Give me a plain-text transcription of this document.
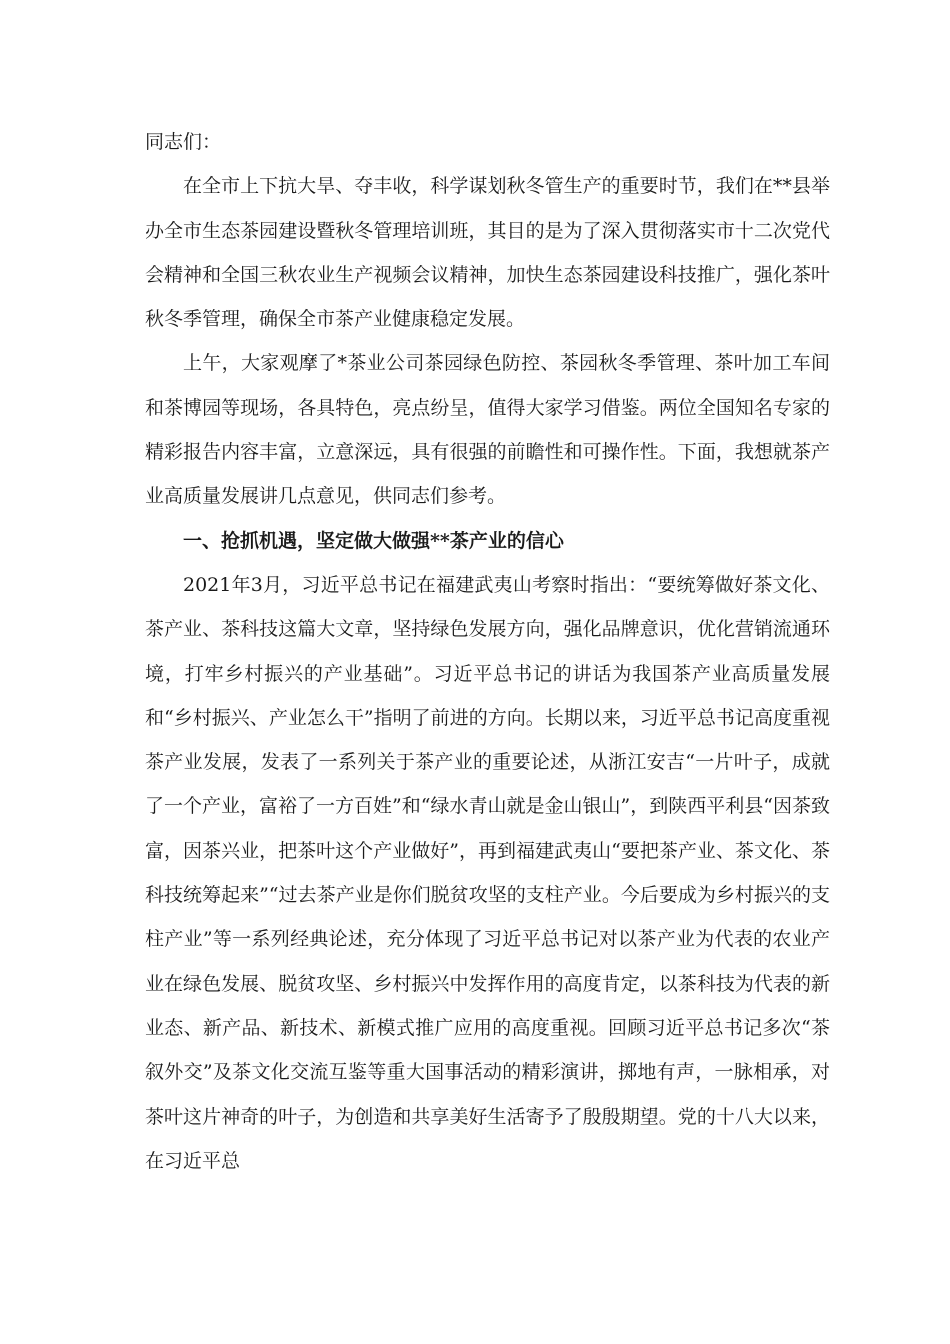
同志们：

在全市上下抗大旱、夺丰收，科学谋划秋冬管生产的重要时节，我们在**县举办全市生态茶园建设暨秋冬管理培训班，其目的是为了深入贯彻落实市十二次党代会精神和全国三秋农业生产视频会议精神，加快生态茶园建设科技推广，强化茶叶秋冬季管理，确保全市茶产业健康稳定发展。

上午，大家观摩了*茶业公司茶园绿色防控、茶园秋冬季管理、茶叶加工车间和茶博园等现场，各具特色，亮点纷呈，值得大家学习借鉴。两位全国知名专家的精彩报告内容丰富，立意深远，具有很强的前瞻性和可操作性。下面，我想就茶产业高质量发展讲几点意见，供同志们参考。

一、抢抓机遇，坚定做大做强**茶产业的信心

2021年3月，习近平总书记在福建武夷山考察时指出：“要统筹做好茶文化、茶产业、茶科技这篇大文章，坚持绿色发展方向，强化品牌意识，优化营销流通环境，打牢乡村振兴的产业基础”。习近平总书记的讲话为我国茶产业高质量发展和“乡村振兴、产业怎么干”指明了前进的方向。长期以来，习近平总书记高度重视茶产业发展，发表了一系列关于茶产业的重要论述，从浙江安吉“一片叶子，成就了一个产业，富裕了一方百姓”和“绿水青山就是金山银山”，到陕西平利县“因茶致富，因茶兴业，把茶叶这个产业做好”，再到福建武夷山“要把茶产业、茶文化、茶科技统筹起来”“过去茶产业是你们脱贫攻坚的支柱产业。今后要成为乡村振兴的支柱产业”等一系列经典论述，充分体现了习近平总书记对以茶产业为代表的农业产业在绿色发展、脱贫攻坚、乡村振兴中发挥作用的高度肯定，以茶科技为代表的新业态、新产品、新技术、新模式推广应用的高度重视。回顾习近平总书记多次“茶叙外交”及茶文化交流互鉴等重大国事活动的精彩演讲，掷地有声，一脉相承，对茶叶这片神奇的叶子，为创造和共享美好生活寄予了殷殷期望。党的十八大以来，在习近平总
